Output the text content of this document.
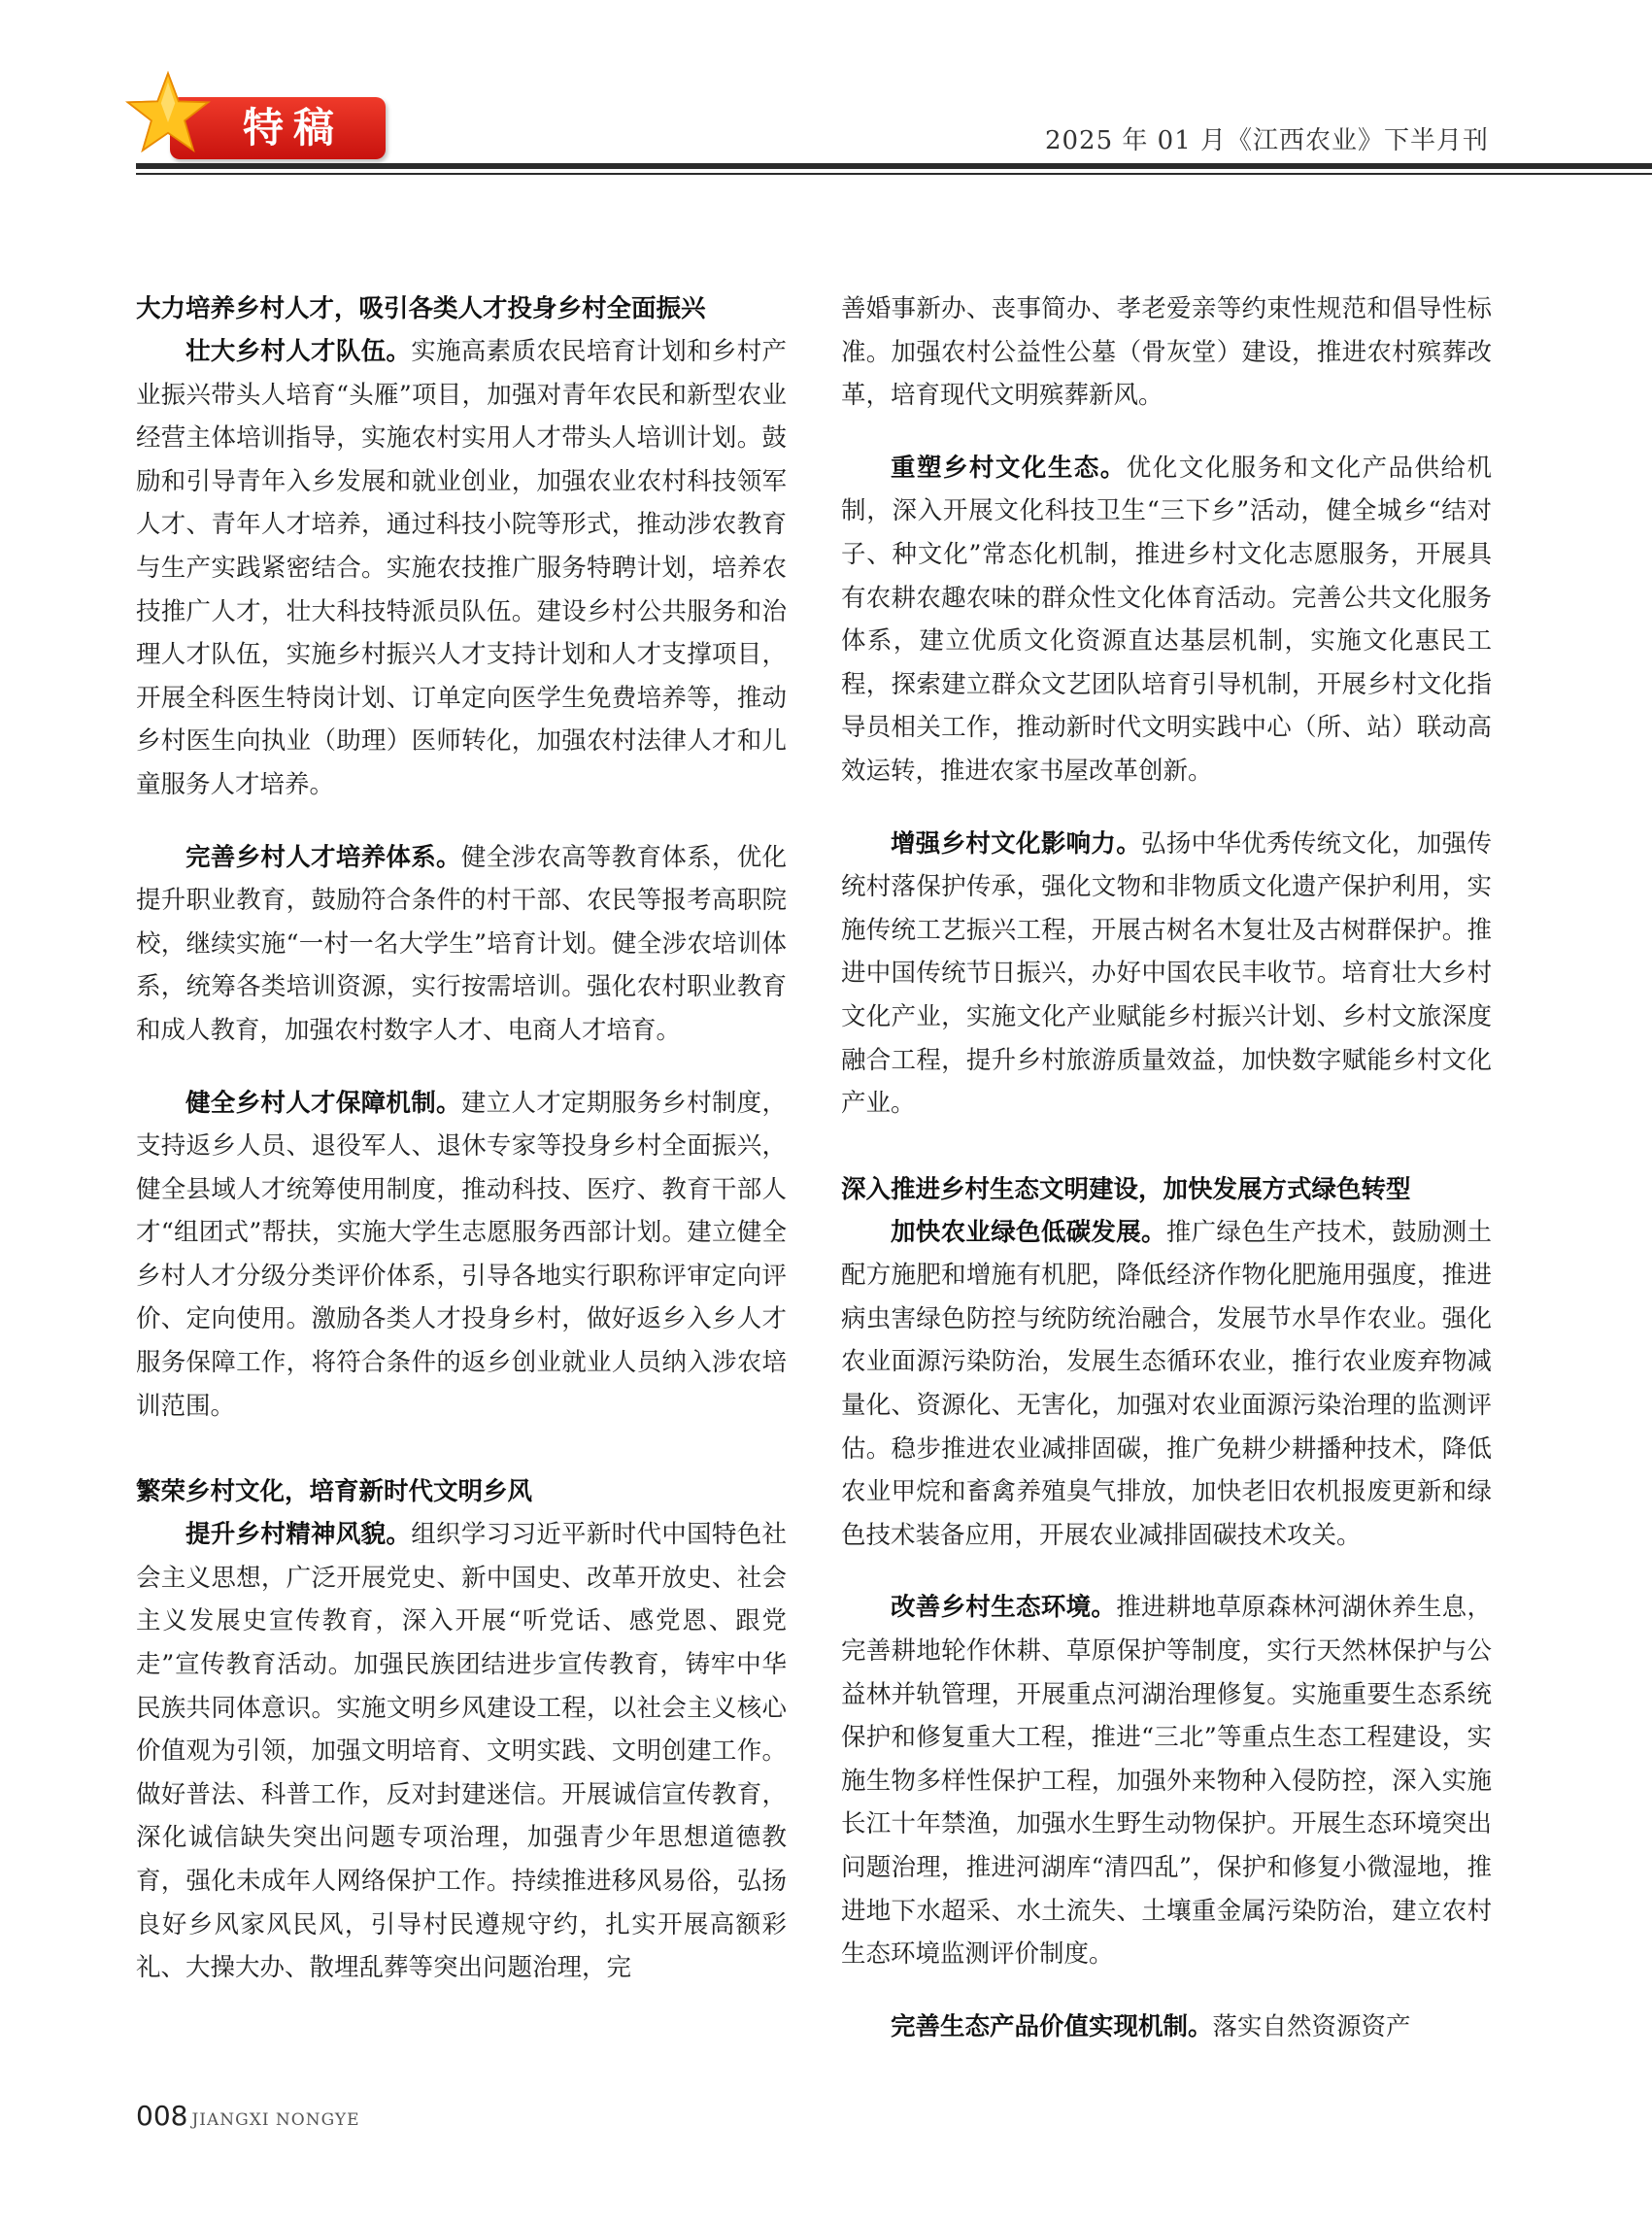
特稿	2025 年 01 月《江西农业》下半月刊
大力培养乡村人才，吸引各类人才投身乡村全面振兴

壮大乡村人才队伍。实施高素质农民培育计划和乡村产业振兴带头人培育“头雁”项目，加强对青年农民和新型农业经营主体培训指导，实施农村实用人才带头人培训计划。鼓励和引导青年入乡发展和就业创业，加强农业农村科技领军人才、青年人才培养，通过科技小院等形式，推动涉农教育与生产实践紧密结合。实施农技推广服务特聘计划，培养农技推广人才，壮大科技特派员队伍。建设乡村公共服务和治理人才队伍，实施乡村振兴人才支持计划和人才支撑项目，开展全科医生特岗计划、订单定向医学生免费培养等，推动乡村医生向执业（助理）医师转化，加强农村法律人才和儿童服务人才培养。

完善乡村人才培养体系。健全涉农高等教育体系，优化提升职业教育，鼓励符合条件的村干部、农民等报考高职院校，继续实施“一村一名大学生”培育计划。健全涉农培训体系，统筹各类培训资源，实行按需培训。强化农村职业教育和成人教育，加强农村数字人才、电商人才培育。

健全乡村人才保障机制。建立人才定期服务乡村制度，支持返乡人员、退役军人、退休专家等投身乡村全面振兴，健全县域人才统筹使用制度，推动科技、医疗、教育干部人才“组团式”帮扶，实施大学生志愿服务西部计划。建立健全乡村人才分级分类评价体系，引导各地实行职称评审定向评价、定向使用。激励各类人才投身乡村，做好返乡入乡人才服务保障工作，将符合条件的返乡创业就业人员纳入涉农培训范围。

繁荣乡村文化，培育新时代文明乡风

提升乡村精神风貌。组织学习习近平新时代中国特色社会主义思想，广泛开展党史、新中国史、改革开放史、社会主义发展史宣传教育，深入开展“听党话、感党恩、跟党走”宣传教育活动。加强民族团结进步宣传教育，铸牢中华民族共同体意识。实施文明乡风建设工程，以社会主义核心价值观为引领，加强文明培育、文明实践、文明创建工作。做好普法、科普工作，反对封建迷信。开展诚信宣传教育，深化诚信缺失突出问题专项治理，加强青少年思想道德教育，强化未成年人网络保护工作。持续推进移风易俗，弘扬良好乡风家风民风，引导村民遵规守约，扎实开展高额彩礼、大操大办、散埋乱葬等突出问题治理，完

善婚事新办、丧事简办、孝老爱亲等约束性规范和倡导性标准。加强农村公益性公墓（骨灰堂）建设，推进农村殡葬改革，培育现代文明殡葬新风。

重塑乡村文化生态。优化文化服务和文化产品供给机制，深入开展文化科技卫生“三下乡”活动，健全城乡“结对子、种文化”常态化机制，推进乡村文化志愿服务，开展具有农耕农趣农味的群众性文化体育活动。完善公共文化服务体系，建立优质文化资源直达基层机制，实施文化惠民工程，探索建立群众文艺团队培育引导机制，开展乡村文化指导员相关工作，推动新时代文明实践中心（所、站）联动高效运转，推进农家书屋改革创新。

增强乡村文化影响力。弘扬中华优秀传统文化，加强传统村落保护传承，强化文物和非物质文化遗产保护利用，实施传统工艺振兴工程，开展古树名木复壮及古树群保护。推进中国传统节日振兴，办好中国农民丰收节。培育壮大乡村文化产业，实施文化产业赋能乡村振兴计划、乡村文旅深度融合工程，提升乡村旅游质量效益，加快数字赋能乡村文化产业。

深入推进乡村生态文明建设，加快发展方式绿色转型

加快农业绿色低碳发展。推广绿色生产技术，鼓励测土配方施肥和增施有机肥，降低经济作物化肥施用强度，推进病虫害绿色防控与统防统治融合，发展节水旱作农业。强化农业面源污染防治，发展生态循环农业，推行农业废弃物减量化、资源化、无害化，加强对农业面源污染治理的监测评估。稳步推进农业减排固碳，推广免耕少耕播种技术，降低农业甲烷和畜禽养殖臭气排放，加快老旧农机报废更新和绿色技术装备应用，开展农业减排固碳技术攻关。

改善乡村生态环境。推进耕地草原森林河湖休养生息，完善耕地轮作休耕、草原保护等制度，实行天然林保护与公益林并轨管理，开展重点河湖治理修复。实施重要生态系统保护和修复重大工程，推进“三北”等重点生态工程建设，实施生物多样性保护工程，加强外来物种入侵防控，深入实施长江十年禁渔，加强水生野生动物保护。开展生态环境突出问题治理，推进河湖库“清四乱”，保护和修复小微湿地，推进地下水超采、水土流失、土壤重金属污染防治，建立农村生态环境监测评价制度。

完善生态产品价值实现机制。落实自然资源资产

008 JIANGXI NONGYE
